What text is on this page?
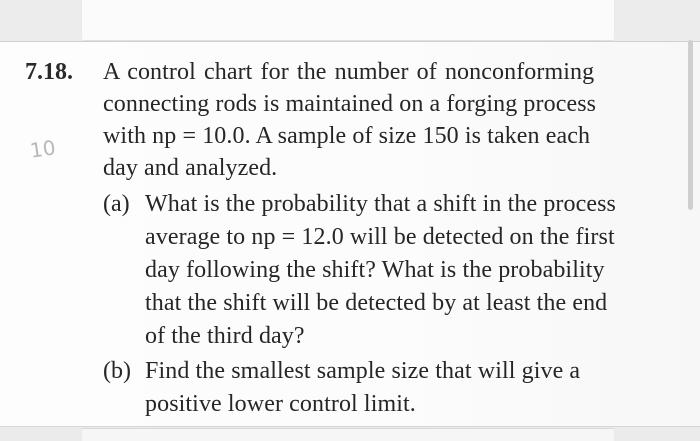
7.18.
10
A control chart for the number of nonconforming
connecting rods is maintained on a forging process
with np = 10.0. A sample of size 150 is taken each
day and analyzed.
(a) What is the probability that a shift in the process
average to np = 12.0 will be detected on the first
day following the shift? What is the probability
that the shift will be detected by at least the end
of the third day?
(b) Find the smallest sample size that will give a
positive lower control limit.
